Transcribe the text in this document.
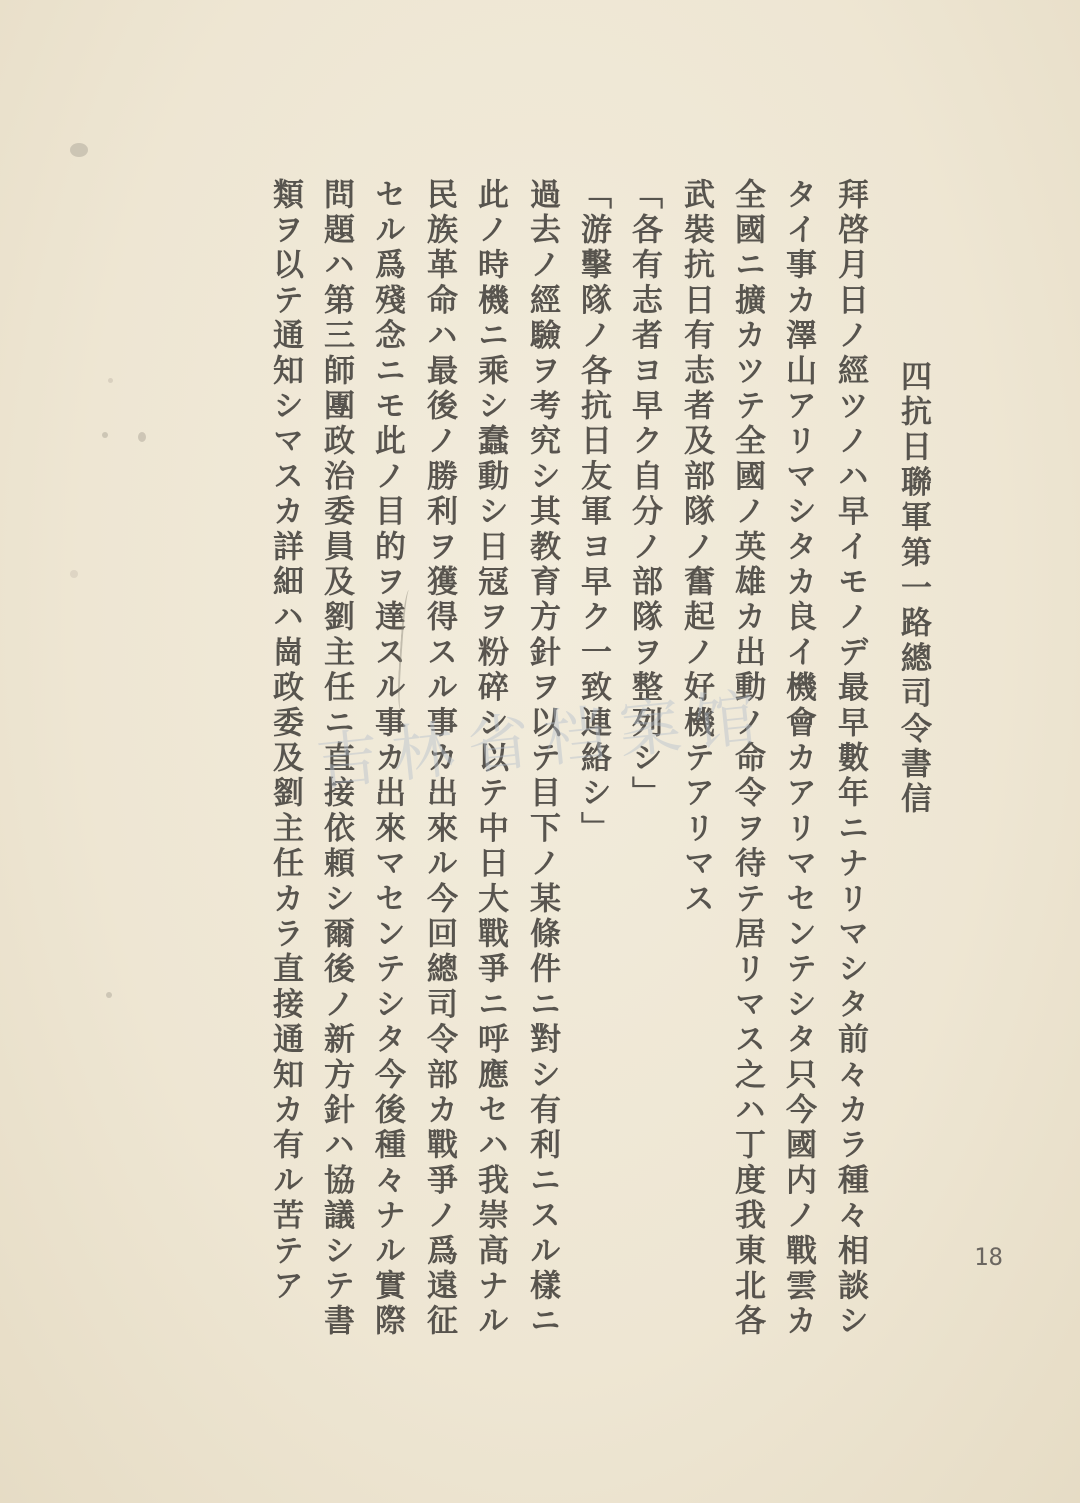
四抗日聯軍第一路總司令書信
拜啓月日ノ經ツノハ早イモノデ最早數年ニナリマシタ前々カラ種々相談シ
タイ事カ澤山アリマシタカ良イ機會カアリマセンテシタ只今國内ノ戰雲カ
全國ニ擴カツテ全國ノ英雄カ出動ノ命令ヲ待テ居リマス之ハ丁度我東北各
武裝抗日有志者及部隊ノ奮起ノ好機テアリマス
「各有志者ヨ早ク自分ノ部隊ヲ整列シ」
「游擊隊ノ各抗日友軍ヨ早ク一致連絡シ」
過去ノ經驗ヲ考究シ其教育方針ヲ以テ目下ノ某條件ニ對シ有利ニスル樣ニ
此ノ時機ニ乘シ蠢動シ日冦ヲ粉碎シ以テ中日大戰爭ニ呼應セハ我崇高ナル
民族革命ハ最後ノ勝利ヲ獲得スル事カ出來ル今回總司令部カ戰爭ノ爲遠征
セル爲殘念ニモ此ノ目的ヲ達スル事カ出來マセンテシタ今後種々ナル實際
問題ハ第三師團政治委員及劉主任ニ直接依頼シ爾後ノ新方針ハ協議シテ書
類ヲ以テ通知シマスカ詳細ハ崗政委及劉主任カラ直接通知カ有ル苦テア 吉林省档案馆
18
